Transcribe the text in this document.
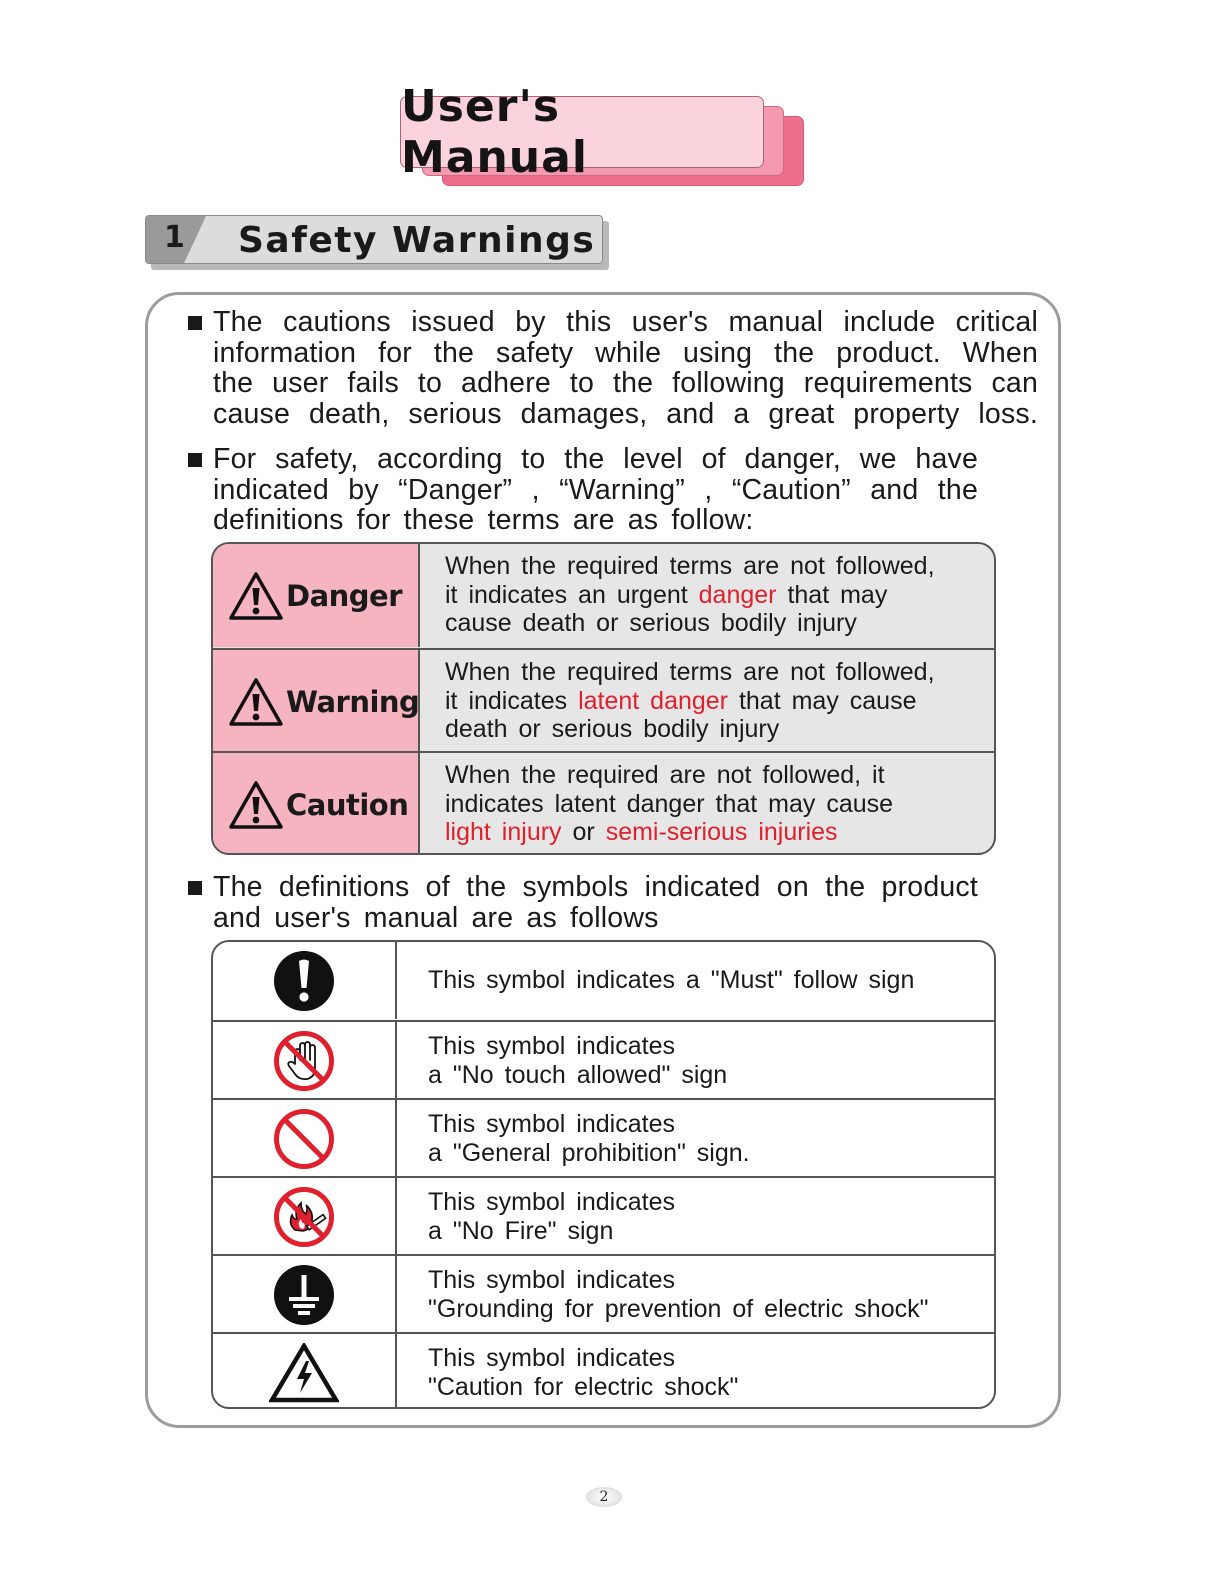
User's Manual
1 Safety Warnings
The cautions issued by this user's manual include critical
information for the safety while using the product. When
the user fails to adhere to the following requirements can
cause death, serious damages, and a great property loss.
For safety, according to the level of danger, we have
indicated by “Danger” , “Warning” , “Caution” and the
definitions for these terms are as follow:
Danger
When the required terms are not followed,
it indicates an urgent danger that may
cause death or serious bodily injury
Warning
When the required terms are not followed,
it indicates latent danger that may cause
death or serious bodily injury
Caution
When the required are not followed, it
indicates latent danger that may cause
light injury or semi-serious injuries
The definitions of the symbols indicated on the product
and user's manual are as follows
This symbol indicates a "Must" follow sign
This symbol indicates
a "No touch allowed" sign
This symbol indicates
a "General prohibition" sign.
This symbol indicates
a "No Fire" sign
This symbol indicates
"Grounding for prevention of electric shock"
This symbol indicates
"Caution for electric shock"
2
